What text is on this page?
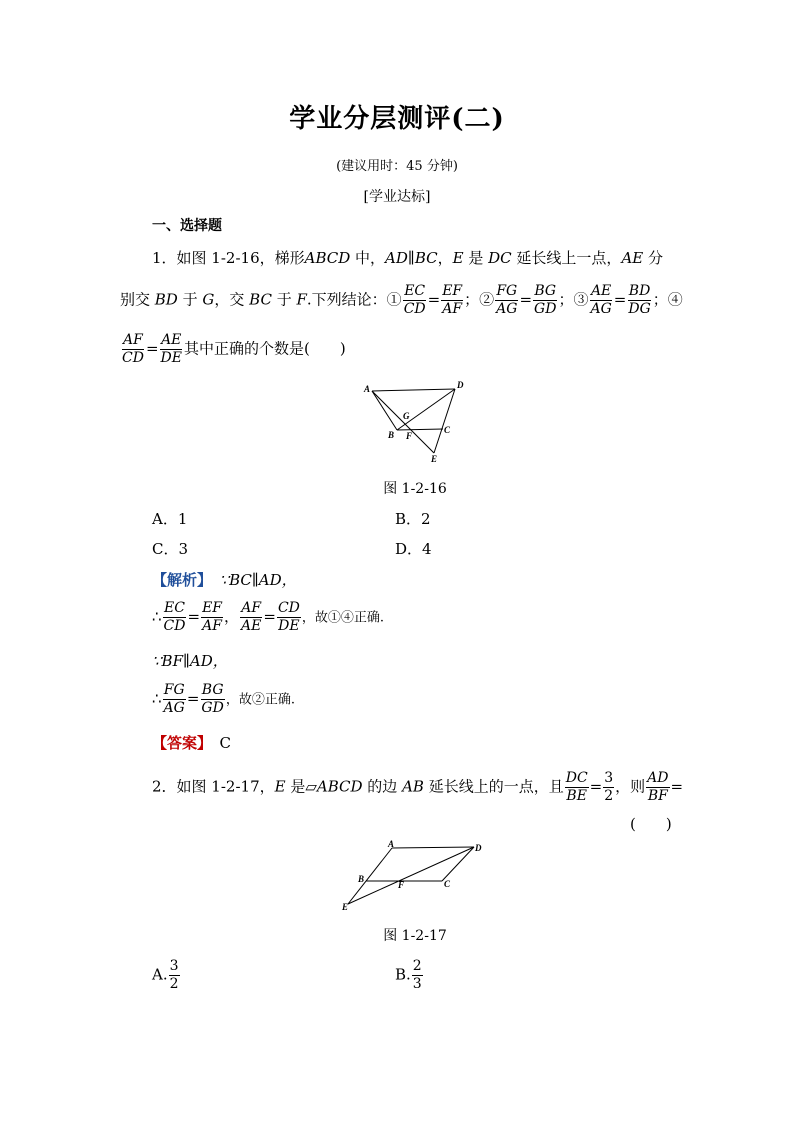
学业分层测评(二)
(建议用时：45 分钟)
[学业达标]
一、选择题
1．如图 1-2-16，梯形ABCD 中，AD∥BC，E 是 DC 延长线上一点，AE 分
别交 BD 于 G，交 BC 于 F.下列结论：① $\frac{EC}{CD} = \frac{EF}{AF}$ ；② $\frac{FG}{AG} = \frac{BG}{GD}$ ；③ $\frac{AE}{AG} = \frac{BD}{DG}$ ；④
$\frac{AF}{CD} = \frac{AE}{DE}$ 其中正确的个数是(　　)
A	D
G
B F
C
E
图 1-2-16
A．1	B．2
C．3	D．4
【解析】　 ∵BC∥AD，
∴ $\frac{EC}{CD} = \frac{EF}{AF}$ ， $\frac{AF}{AE} = \frac{CD}{DE}$ ，故①④正确.
∵BF∥AD，
∴ $\frac{FG}{AG} = \frac{BG}{GD}$ ，故②正确.
【答案】　 C
2．如图 1-2-17，E 是▱ABCD 的边 AB 延长线上的一点，且 $\frac{DC}{BE} = \frac{3}{2}$ ，则 $\frac{AD}{BF}$ =
(　　)
A	D
B
F	C
E
图 1-2-17
A. $\frac{3}{2}$	B. $\frac{2}{3}$
